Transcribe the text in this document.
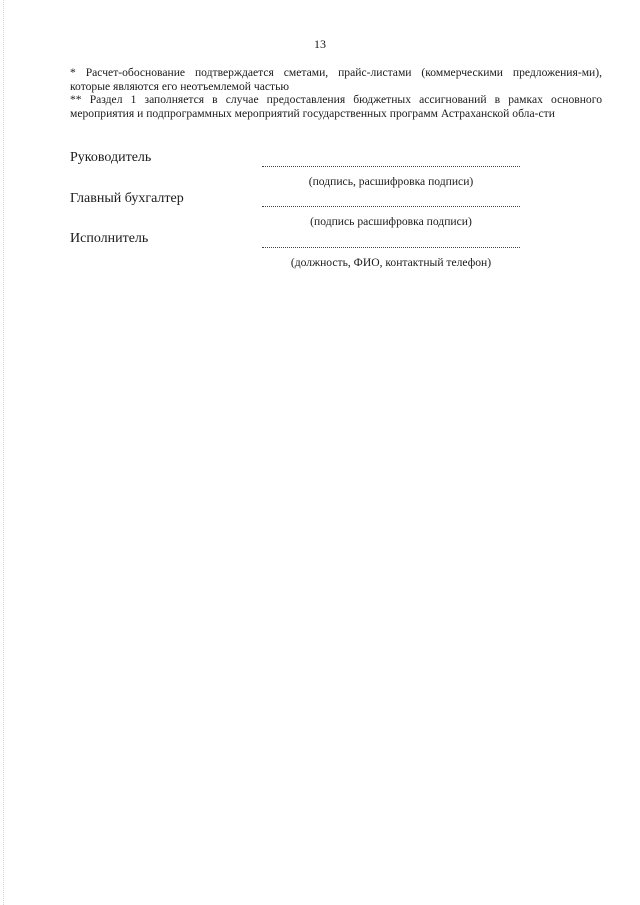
13

* Расчет-обоснование подтверждается сметами, прайс-листами (коммерческими предложения-ми), которые являются его неотъемлемой частью

** Раздел 1 заполняется в случае предоставления бюджетных ассигнований в рамках основного мероприятия и подпрограммных мероприятий государственных программ Астраханской обла-сти

Руководитель
(подпись, расшифровка подписи)
Главный бухгалтер
(подпись расшифровка подписи)
Исполнитель
(должность, ФИО, контактный телефон)
